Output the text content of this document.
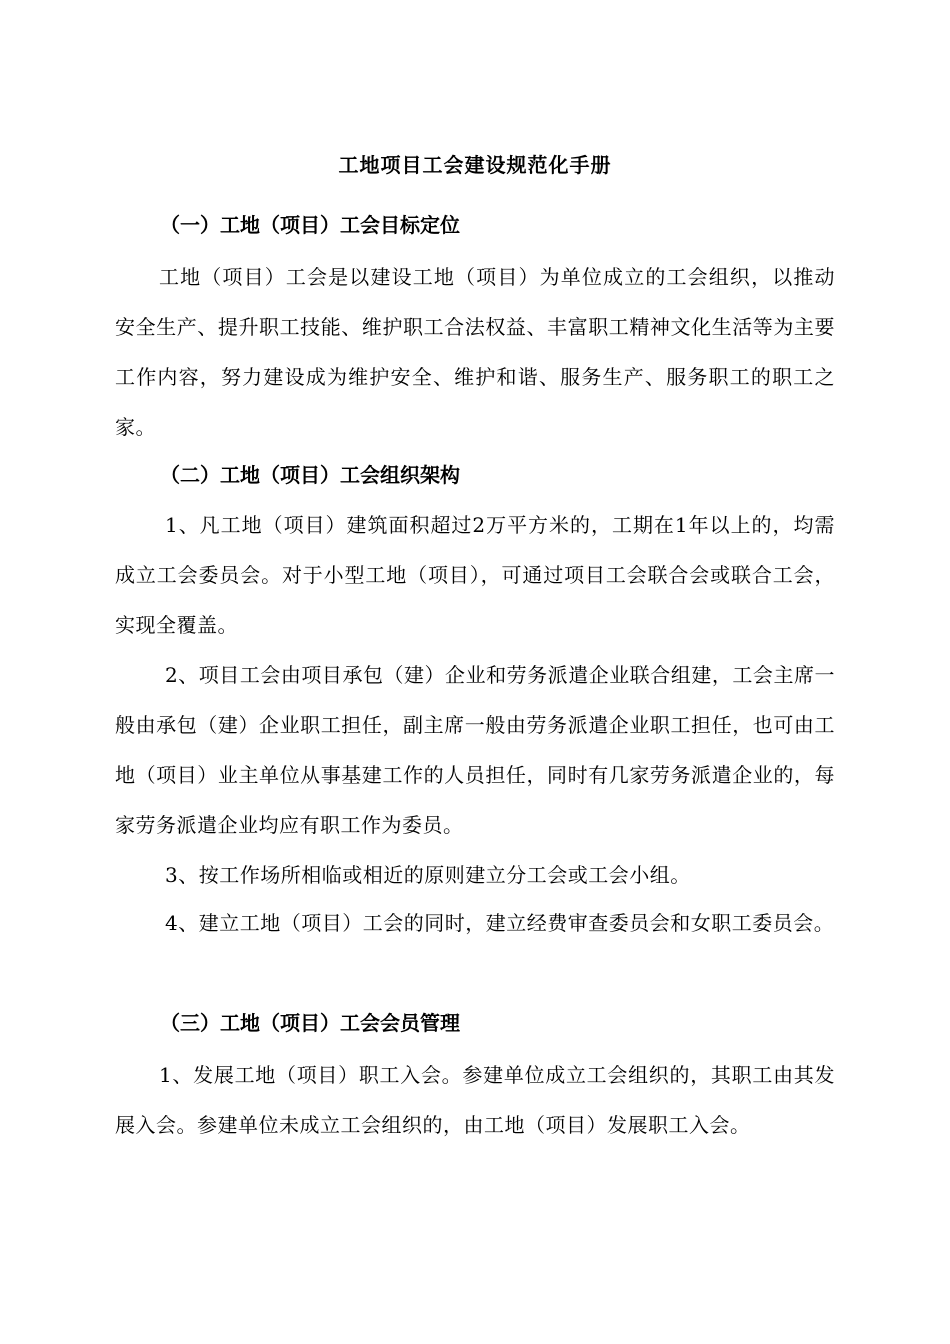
工地项目工会建设规范化手册
（一）工地（项目）工会目标定位
工地（项目）工会是以建设工地（项目）为单位成立的工会组织，以推动安全生产、提升职工技能、维护职工合法权益、丰富职工精神文化生活等为主要工作内容，努力建设成为维护安全、维护和谐、服务生产、服务职工的职工之家。
（二）工地（项目）工会组织架构
1、凡工地（项目）建筑面积超过2万平方米的，工期在1年以上的，均需成立工会委员会。对于小型工地（项目），可通过项目工会联合会或联合工会，实现全覆盖。
2、项目工会由项目承包（建）企业和劳务派遣企业联合组建，工会主席一般由承包（建）企业职工担任，副主席一般由劳务派遣企业职工担任，也可由工地（项目）业主单位从事基建工作的人员担任，同时有几家劳务派遣企业的，每家劳务派遣企业均应有职工作为委员。
3、按工作场所相临或相近的原则建立分工会或工会小组。
4、建立工地（项目）工会的同时，建立经费审查委员会和女职工委员会。
（三）工地（项目）工会会员管理
1、发展工地（项目）职工入会。参建单位成立工会组织的，其职工由其发展入会。参建单位未成立工会组织的，由工地（项目）发展职工入会。
